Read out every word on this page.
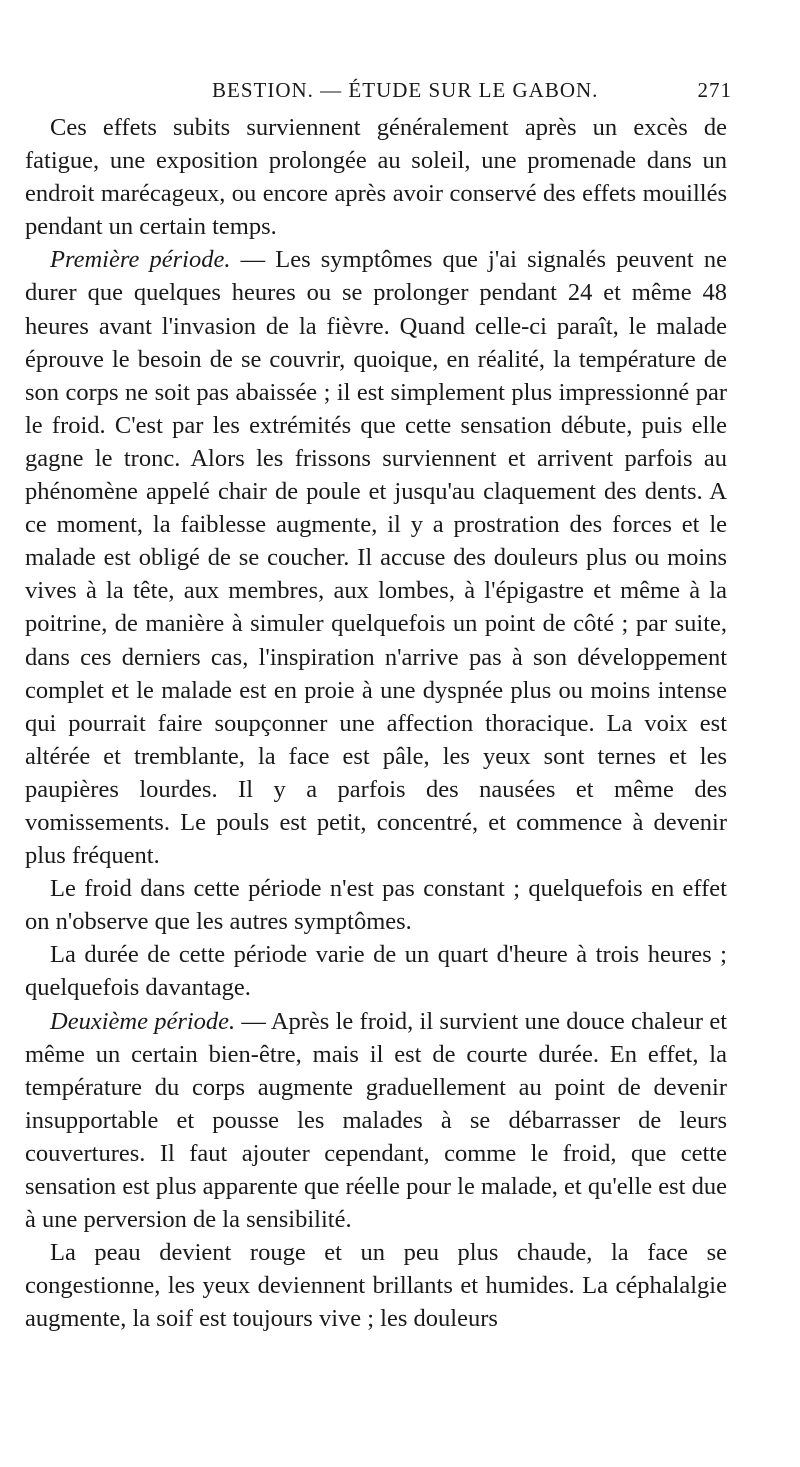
BESTION. — ÉTUDE SUR LE GABON.	271

Ces effets subits surviennent généralement après un excès de fatigue, une exposition prolongée au soleil, une promenade dans un endroit marécageux, ou encore après avoir conservé des effets mouillés pendant un certain temps.

Première période. — Les symptômes que j'ai signalés peuvent ne durer que quelques heures ou se prolonger pendant 24 et même 48 heures avant l'invasion de la fièvre. Quand celle-ci paraît, le malade éprouve le besoin de se couvrir, quoique, en réalité, la température de son corps ne soit pas abaissée ; il est simplement plus impressionné par le froid. C'est par les extrémités que cette sensation débute, puis elle gagne le tronc. Alors les frissons surviennent et arrivent parfois au phénomène appelé chair de poule et jusqu'au claquement des dents. A ce moment, la faiblesse augmente, il y a prostration des forces et le malade est obligé de se coucher. Il accuse des douleurs plus ou moins vives à la tête, aux membres, aux lombes, à l'épigastre et même à la poitrine, de manière à simuler quelquefois un point de côté ; par suite, dans ces derniers cas, l'inspiration n'arrive pas à son développement complet et le malade est en proie à une dyspnée plus ou moins intense qui pourrait faire soupçonner une affection thoracique. La voix est altérée et tremblante, la face est pâle, les yeux sont ternes et les paupières lourdes. Il y a parfois des nausées et même des vomissements. Le pouls est petit, concentré, et commence à devenir plus fréquent.

Le froid dans cette période n'est pas constant ; quelquefois en effet on n'observe que les autres symptômes.

La durée de cette période varie de un quart d'heure à trois heures ; quelquefois davantage.

Deuxième période. — Après le froid, il survient une douce chaleur et même un certain bien-être, mais il est de courte durée. En effet, la température du corps augmente graduellement au point de devenir insupportable et pousse les malades à se débarrasser de leurs couvertures. Il faut ajouter cependant, comme le froid, que cette sensation est plus apparente que réelle pour le malade, et qu'elle est due à une perversion de la sensibilité.

La peau devient rouge et un peu plus chaude, la face se congestionne, les yeux deviennent brillants et humides. La céphalalgie augmente, la soif est toujours vive ; les douleurs
